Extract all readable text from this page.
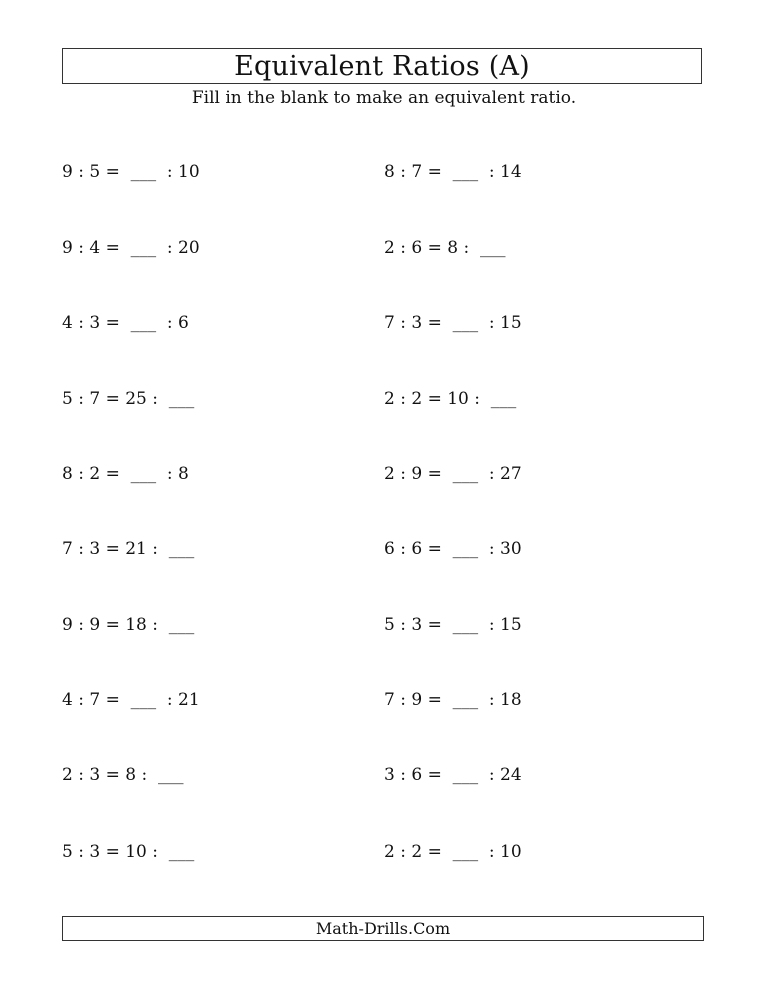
Equivalent Ratios (A)
Fill in the blank to make an equivalent ratio.
9 : 5 =  ___  : 10
9 : 4 =  ___  : 20
4 : 3 =  ___  : 6
5 : 7 = 25 :  ___
8 : 2 =  ___  : 8
7 : 3 = 21 :  ___
9 : 9 = 18 :  ___
4 : 7 =  ___  : 21
2 : 3 = 8 :  ___
5 : 3 = 10 :  ___
8 : 7 =  ___  : 14
2 : 6 = 8 :  ___
7 : 3 =  ___  : 15
2 : 2 = 10 :  ___
2 : 9 =  ___  : 27
6 : 6 =  ___  : 30
5 : 3 =  ___  : 15
7 : 9 =  ___  : 18
3 : 6 =  ___  : 24
2 : 2 =  ___  : 10
Math-Drills.Com
